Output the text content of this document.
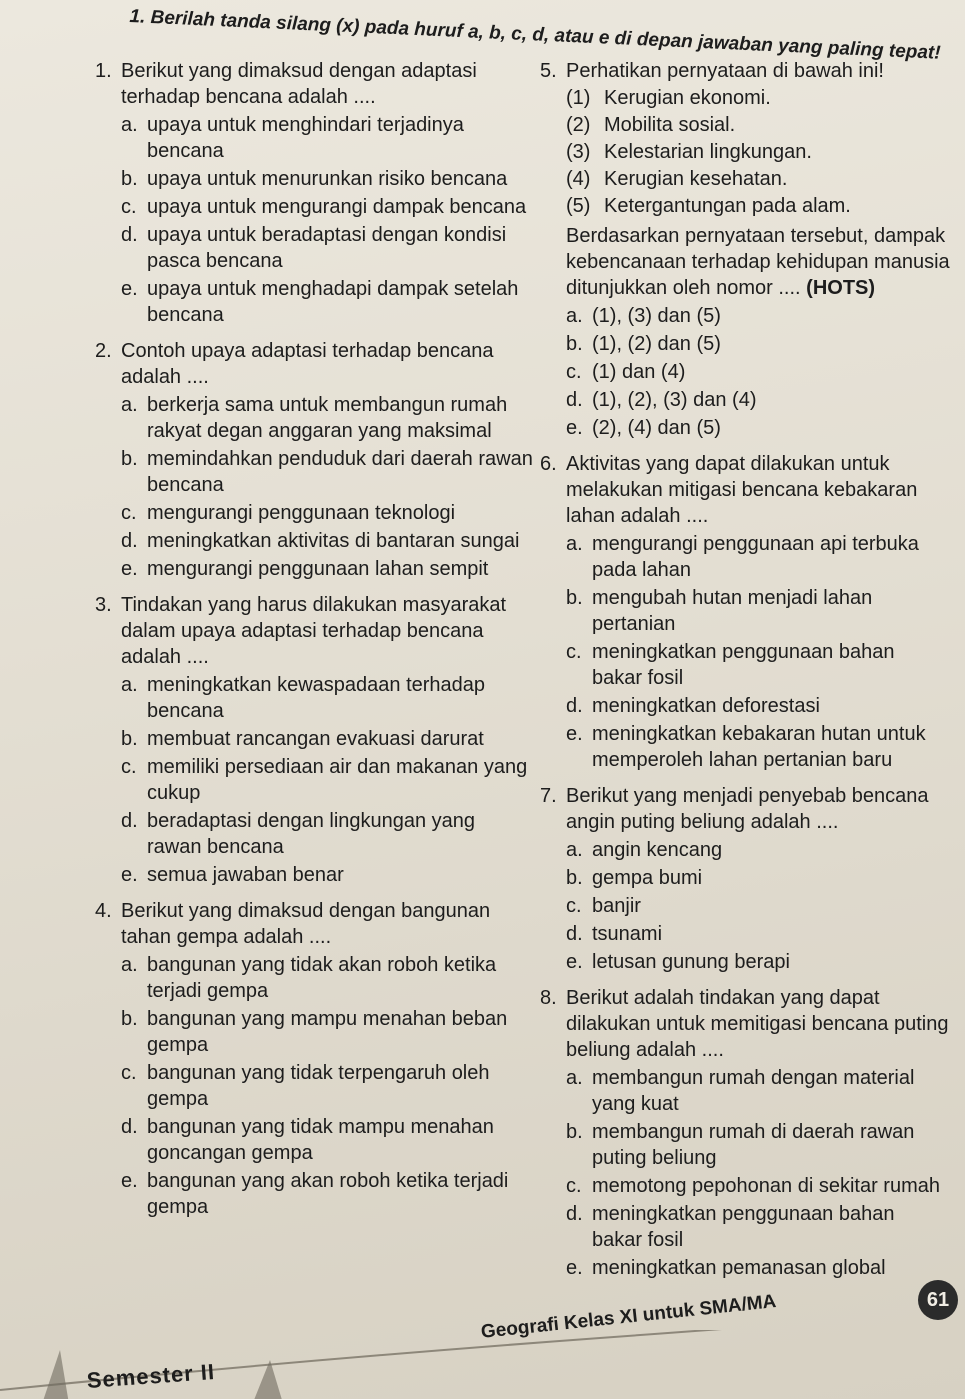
1. Berilah tanda silang (x) pada huruf a, b, c, d, atau e di depan jawaban yang paling tepat!
1. Berikut yang dimaksud dengan adaptasi terhadap bencana adalah ....
a. upaya untuk menghindari terjadinya bencana
b. upaya untuk menurunkan risiko bencana
c. upaya untuk mengurangi dampak bencana
d. upaya untuk beradaptasi dengan kondisi pasca bencana
e. upaya untuk menghadapi dampak setelah bencana
2. Contoh upaya adaptasi terhadap bencana adalah ....
a. berkerja sama untuk membangun rumah rakyat degan anggaran yang maksimal
b. memindahkan penduduk dari daerah rawan bencana
c. mengurangi penggunaan teknologi
d. meningkatkan aktivitas di bantaran sungai
e. mengurangi penggunaan lahan sempit
3. Tindakan yang harus dilakukan masyarakat dalam upaya adaptasi terhadap bencana adalah ....
a. meningkatkan kewaspadaan terhadap bencana
b. membuat rancangan evakuasi darurat
c. memiliki persediaan air dan makanan yang cukup
d. beradaptasi dengan lingkungan yang rawan bencana
e. semua jawaban benar
4. Berikut yang dimaksud dengan bangunan tahan gempa adalah ....
a. bangunan yang tidak akan roboh ketika terjadi gempa
b. bangunan yang mampu menahan beban gempa
c. bangunan yang tidak terpengaruh oleh gempa
d. bangunan yang tidak mampu menahan goncangan gempa
e. bangunan yang akan roboh ketika terjadi gempa
5. Perhatikan pernyataan di bawah ini!
(1) Kerugian ekonomi.
(2) Mobilita sosial.
(3) Kelestarian lingkungan.
(4) Kerugian kesehatan.
(5) Ketergantungan pada alam.
Berdasarkan pernyataan tersebut, dampak kebencanaan terhadap kehidupan manusia ditunjukkan oleh nomor .... (HOTS)
a. (1), (3) dan (5)
b. (1), (2) dan (5)
c. (1) dan (4)
d. (1), (2), (3) dan (4)
e. (2), (4) dan (5)
6. Aktivitas yang dapat dilakukan untuk melakukan mitigasi bencana kebakaran lahan adalah ....
a. mengurangi penggunaan api terbuka pada lahan
b. mengubah hutan menjadi lahan pertanian
c. meningkatkan penggunaan bahan bakar fosil
d. meningkatkan deforestasi
e. meningkatkan kebakaran hutan untuk memperoleh lahan pertanian baru
7. Berikut yang menjadi penyebab bencana angin puting beliung adalah ....
a. angin kencang
b. gempa bumi
c. banjir
d. tsunami
e. letusan gunung berapi
8. Berikut adalah tindakan yang dapat dilakukan untuk memitigasi bencana puting beliung adalah ....
a. membangun rumah dengan material yang kuat
b. membangun rumah di daerah rawan puting beliung
c. memotong pepohonan di sekitar rumah
d. meningkatkan penggunaan bahan bakar fosil
e. meningkatkan pemanasan global
Geografi Kelas XI untuk SMA/MA	61
Semester II
